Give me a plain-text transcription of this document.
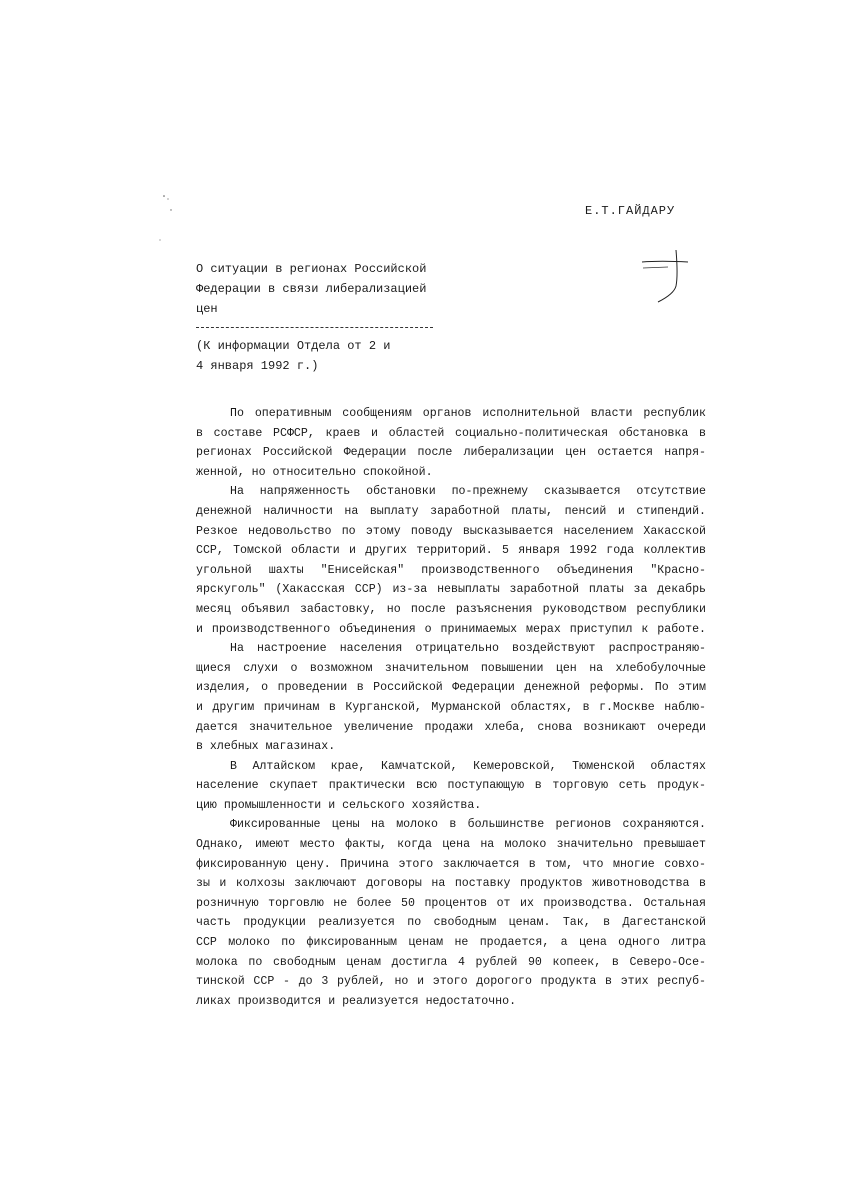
Е.Т.ГАЙДАРУ
О ситуации в регионах Российской
Федерации в связи либерализацией
цен
(К информации Отдела от 2 и
4 января 1992 г.)
По оперативным сообщениям органов исполнительной власти республик
в составе РСФСР, краев и областей социально-политическая обстановка в
регионах Российской Федерации после либерализации цен остается напря-
женной, но относительно спокойной.
На напряженность обстановки по-прежнему сказывается отсутствие
денежной наличности на выплату заработной платы, пенсий и стипендий.
Резкое недовольство по этому поводу высказывается населением Хакасской
ССР, Томской области и других территорий. 5 января 1992 года коллектив
угольной шахты "Енисейская" производственного объединения "Красно-
ярскуголь" (Хакасская ССР) из-за невыплаты заработной платы за декабрь
месяц объявил забастовку, но после разъяснения руководством республики
и производственного объединения о принимаемых мерах приступил к работе.
На настроение населения отрицательно воздействуют распространяю-
щиеся слухи о возможном значительном повышении цен на хлебобулочные
изделия, о проведении в Российской Федерации денежной реформы. По этим
и другим причинам в Курганской, Мурманской областях, в г.Москве наблю-
дается значительное увеличение продажи хлеба, снова возникают очереди
в хлебных магазинах.
В Алтайском крае, Камчатской, Кемеровской, Тюменской областях
население скупает практически всю поступающую в торговую сеть продук-
цию промышленности и сельского хозяйства.
Фиксированные цены на молоко в большинстве регионов сохраняются.
Однако, имеют место факты, когда цена на молоко значительно превышает
фиксированную цену. Причина этого заключается в том, что многие совхо-
зы и колхозы заключают договоры на поставку продуктов животноводства в
розничную торговлю не более 50 процентов от их производства. Остальная
часть продукции реализуется по свободным ценам. Так, в Дагестанской
ССР молоко по фиксированным ценам не продается, а цена одного литра
молока по свободным ценам достигла 4 рублей 90 копеек, в Северо-Осе-
тинской ССР - до 3 рублей, но и этого дорогого продукта в этих респуб-
ликах производится и реализуется недостаточно.
